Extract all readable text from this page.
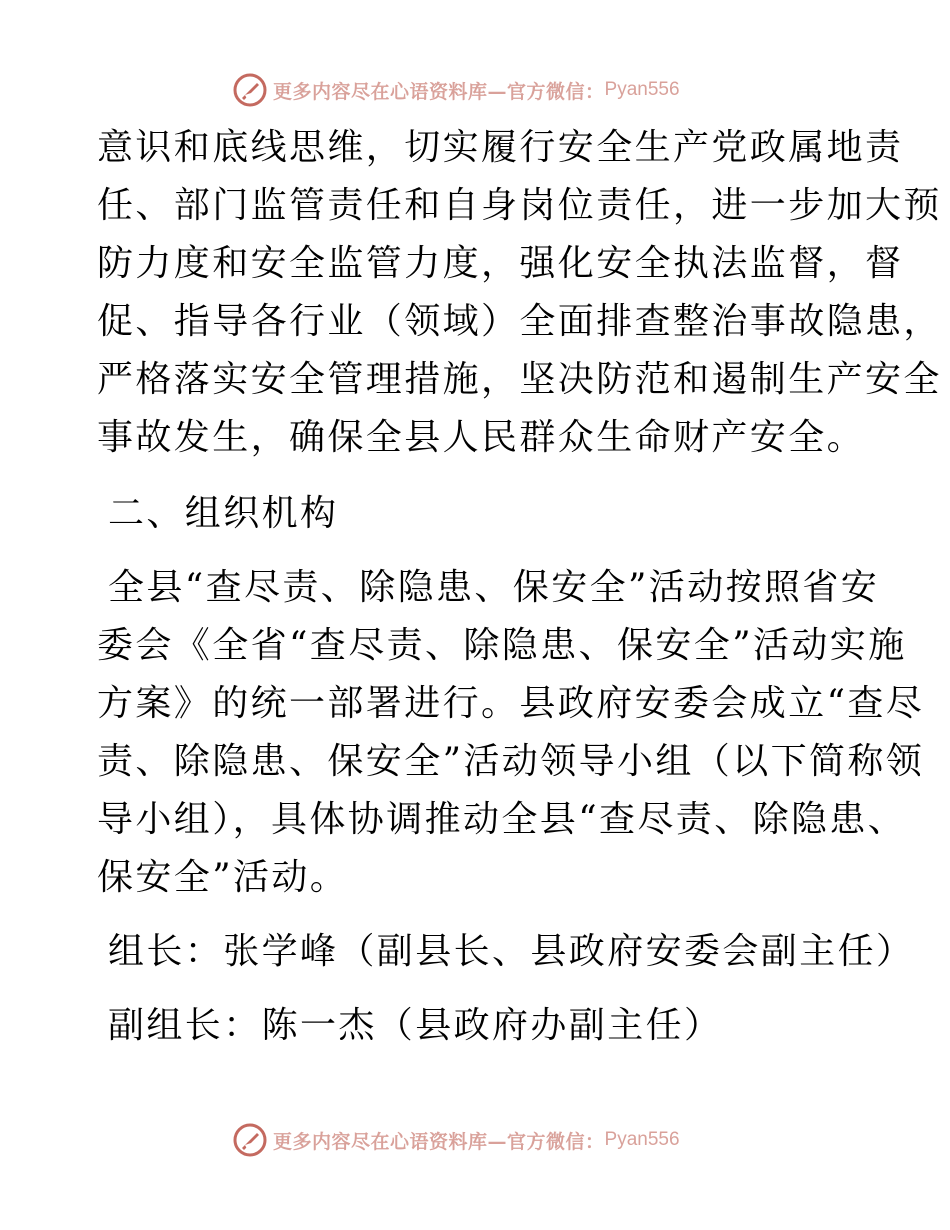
更多内容尽在心语资料库—官方微信： Pyan556
意识和底线思维，切实履行安全生产党政属地责
任、部门监管责任和自身岗位责任，进一步加大预
防力度和安全监管力度，强化安全执法监督，督
促、指导各行业（领域）全面排查整治事故隐患，
严格落实安全管理措施，坚决防范和遏制生产安全
事故发生，确保全县人民群众生命财产安全。
二、组织机构
全县“查尽责、除隐患、保安全”活动按照省安
委会《全省“查尽责、除隐患、保安全”活动实施
方案》的统一部署进行。县政府安委会成立“查尽
责、除隐患、保安全”活动领导小组（以下简称领
导小组），具体协调推动全县“查尽责、除隐患、
保安全”活动。
组长：张学峰（副县长、县政府安委会副主任）
副组长：陈一杰（县政府办副主任）
更多内容尽在心语资料库—官方微信： Pyan556
